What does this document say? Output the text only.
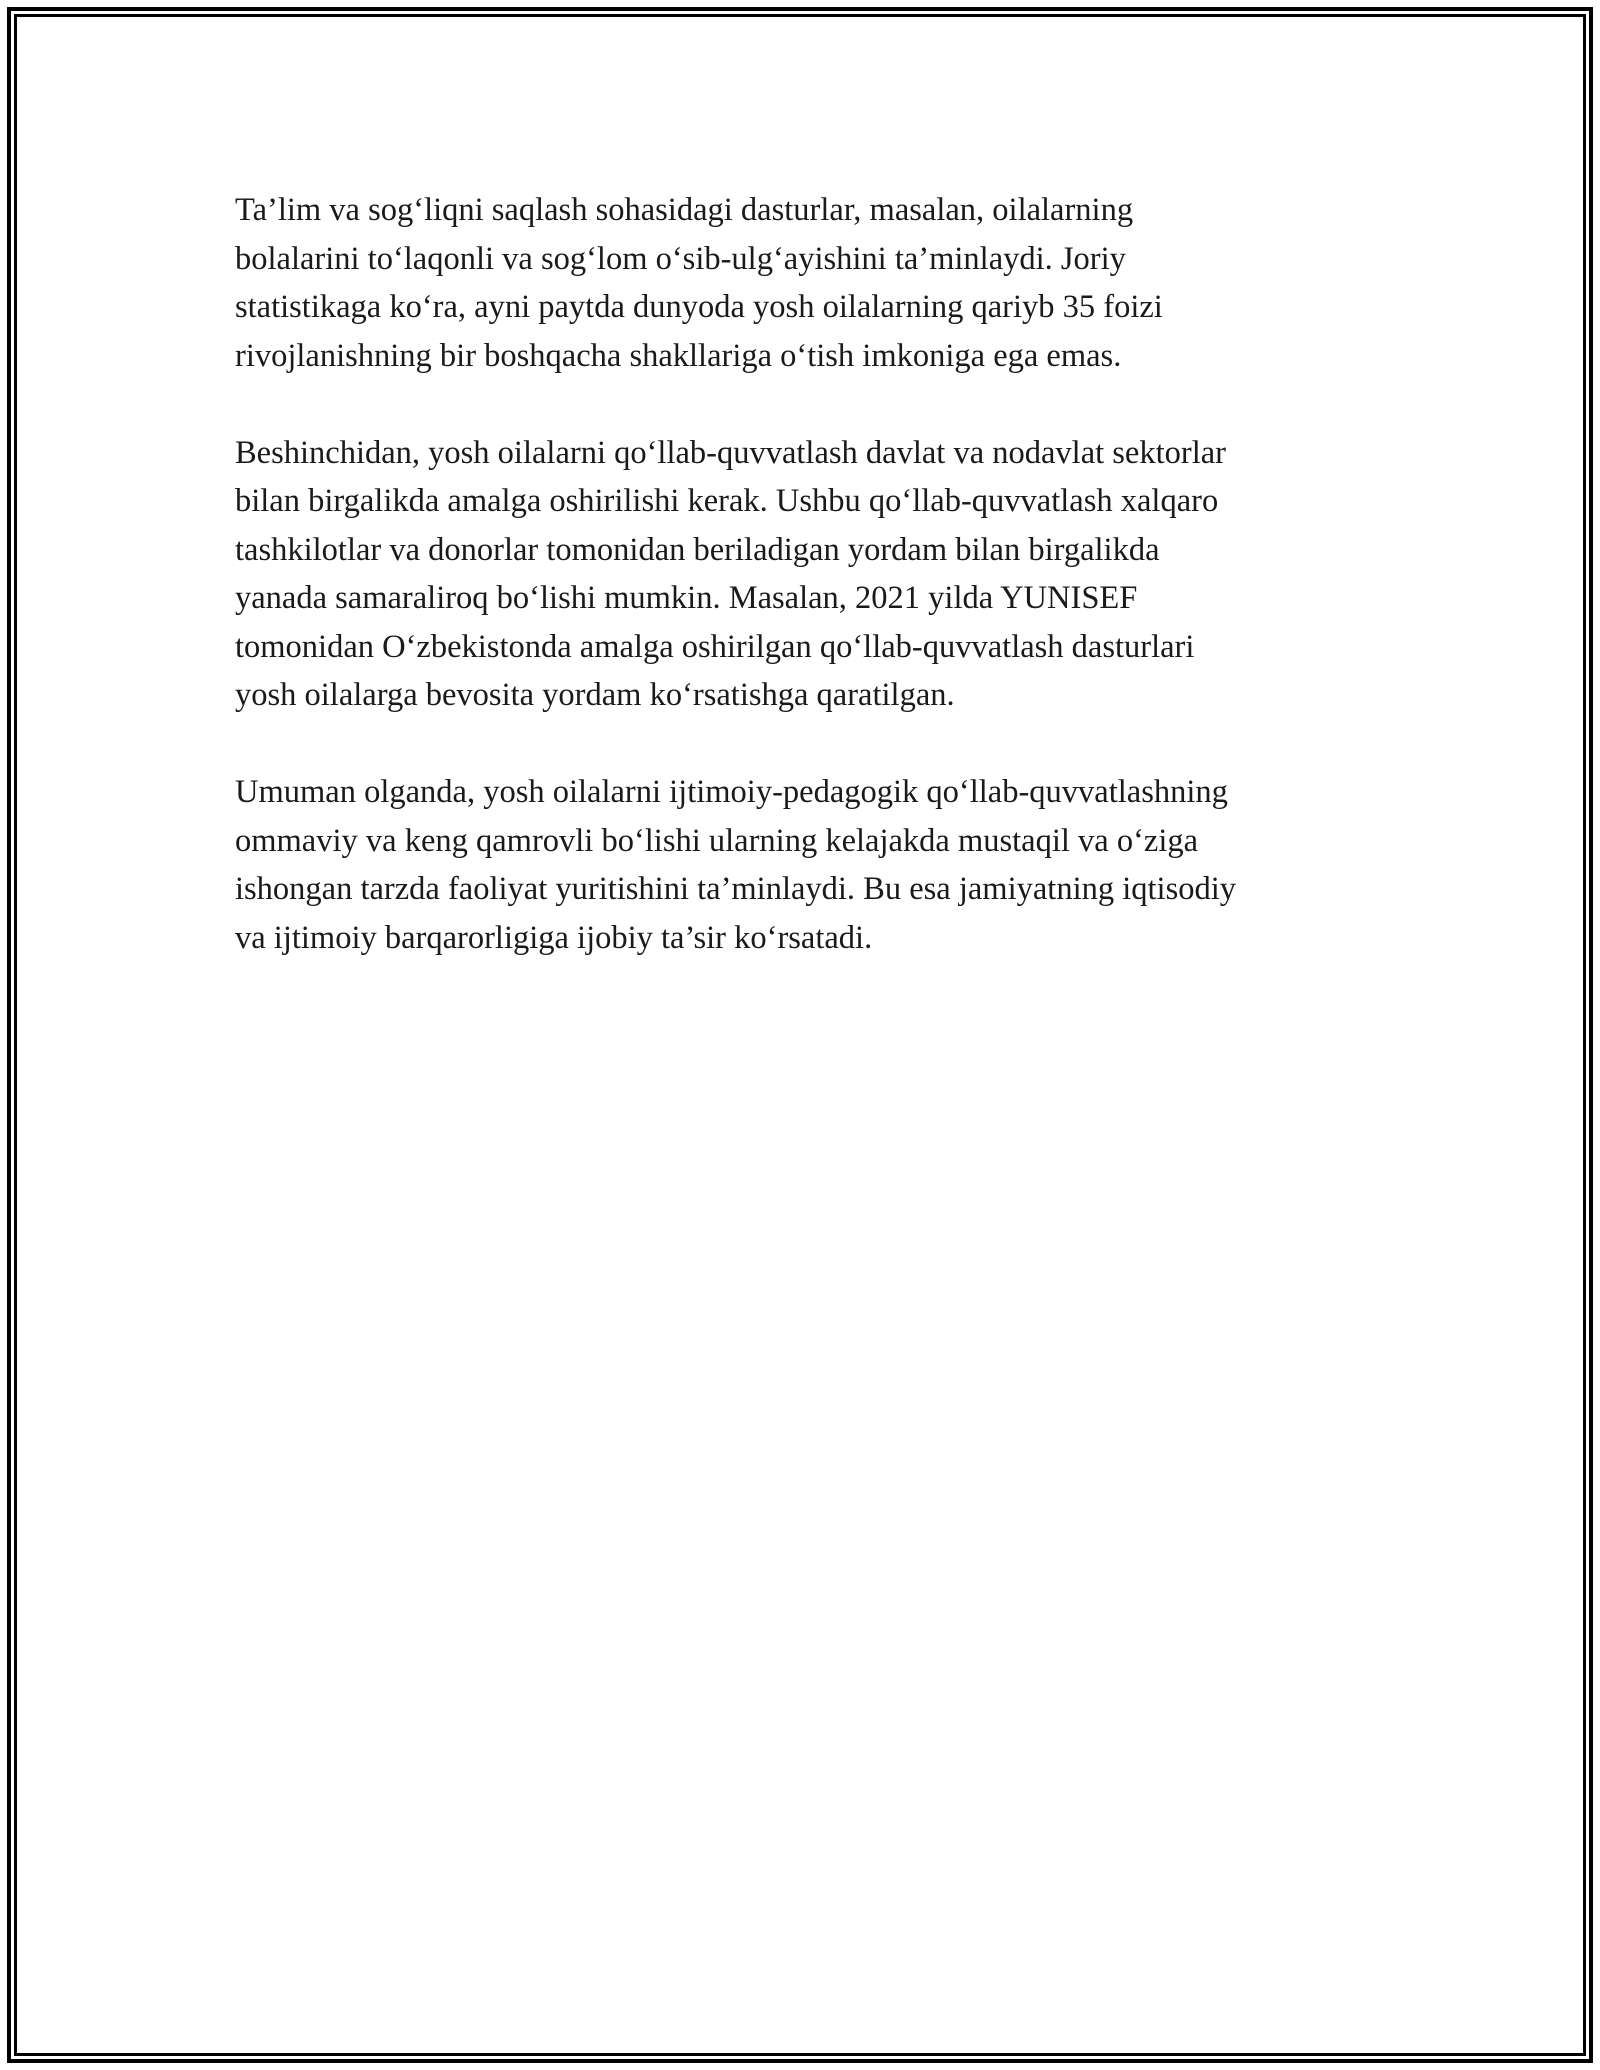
Ta’lim va sog‘liqni saqlash sohasidagi dasturlar, masalan, oilalarning
bolalarini to‘laqonli va sog‘lom o‘sib-ulg‘ayishini ta’minlaydi. Joriy
statistikaga ko‘ra, ayni paytda dunyoda yosh oilalarning qariyb 35 foizi
rivojlanishning bir boshqacha shakllariga o‘tish imkoniga ega emas.

Beshinchidan, yosh oilalarni qo‘llab-quvvatlash davlat va nodavlat sektorlar
bilan birgalikda amalga oshirilishi kerak. Ushbu qo‘llab-quvvatlash xalqaro
tashkilotlar va donorlar tomonidan beriladigan yordam bilan birgalikda
yanada samaraliroq bo‘lishi mumkin. Masalan, 2021 yilda YUNISEF
tomonidan O‘zbekistonda amalga oshirilgan qo‘llab-quvvatlash dasturlari
yosh oilalarga bevosita yordam ko‘rsatishga qaratilgan.

Umuman olganda, yosh oilalarni ijtimoiy-pedagogik qo‘llab-quvvatlashning
ommaviy va keng qamrovli bo‘lishi ularning kelajakda mustaqil va o‘ziga
ishongan tarzda faoliyat yuritishini ta’minlaydi. Bu esa jamiyatning iqtisodiy
va ijtimoiy barqarorligiga ijobiy ta’sir ko‘rsatadi.
